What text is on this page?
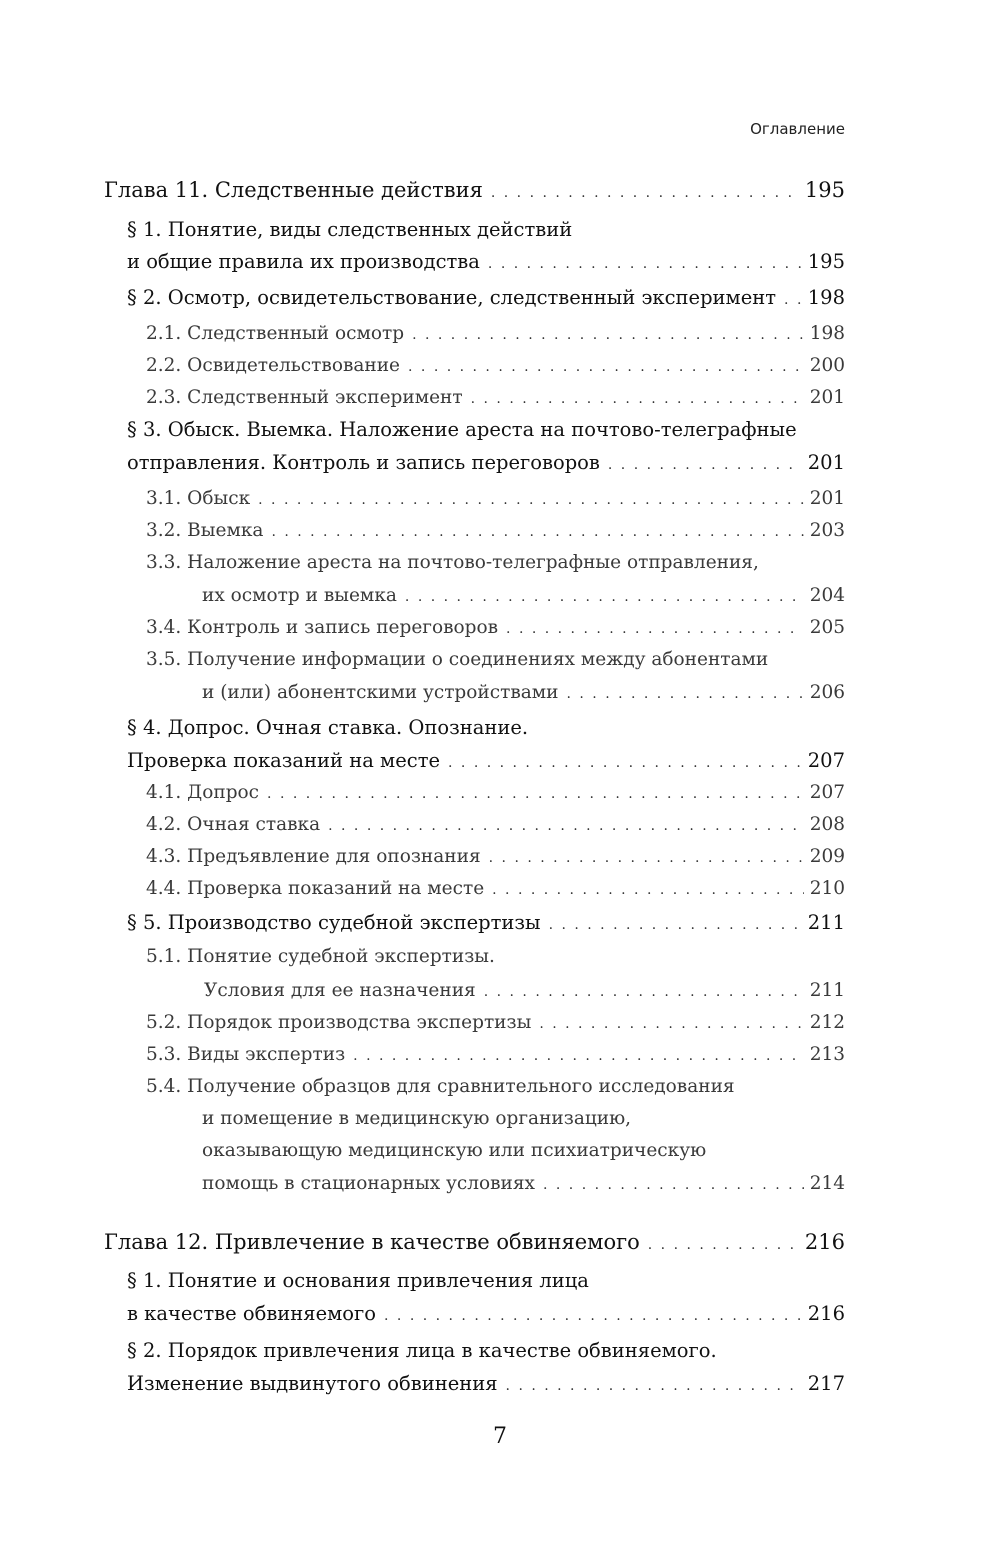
Оглавление
Глава 11. Следственные действия . . .	195
§ 1. Понятие, виды следственных действий
и общие правила их производства . . .	195
§ 2. Осмотр, освидетельствование, следственный эксперимент . . . 198
2.1. Следственный осмотр . . .	198
2.2. Освидетельствование . . .	200
2.3. Следственный эксперимент . . .	201
§ 3. Обыск. Выемка. Наложение ареста на почтово-телеграфные
отправления. Контроль и запись переговоров . . .	201
3.1. Обыск . . .	201
3.2. Выемка . . .	203
3.3. Наложение ареста на почтово-телеграфные отправления,
их осмотр и выемка . . .	204
3.4. Контроль и запись переговоров . . .	205
3.5. Получение информации о соединениях между абонентами
и (или) абонентскими устройствами . . .	206
§ 4. Допрос. Очная ставка. Опознание.
Проверка показаний на месте . . .	207
4.1. Допрос . . .	207
4.2. Очная ставка . . .	208
4.3. Предъявление для опознания . . .	209
4.4. Проверка показаний на месте . . .	210
§ 5. Производство судебной экспертизы . . .	211
5.1. Понятие судебной экспертизы.
Условия для ее назначения . . .	211
5.2. Порядок производства экспертизы . . .	212
5.3. Виды экспертиз . . .	213
5.4. Получение образцов для сравнительного исследования
и помещение в медицинскую организацию,
оказывающую медицинскую или психиатрическую
помощь в стационарных условиях . . .	214
Глава 12. Привлечение в качестве обвиняемого . . .	216
§ 1. Понятие и основания привлечения лица
в качестве обвиняемого . . .	216
§ 2. Порядок привлечения лица в качестве обвиняемого.
Изменение выдвинутого обвинения . . .	217
7
